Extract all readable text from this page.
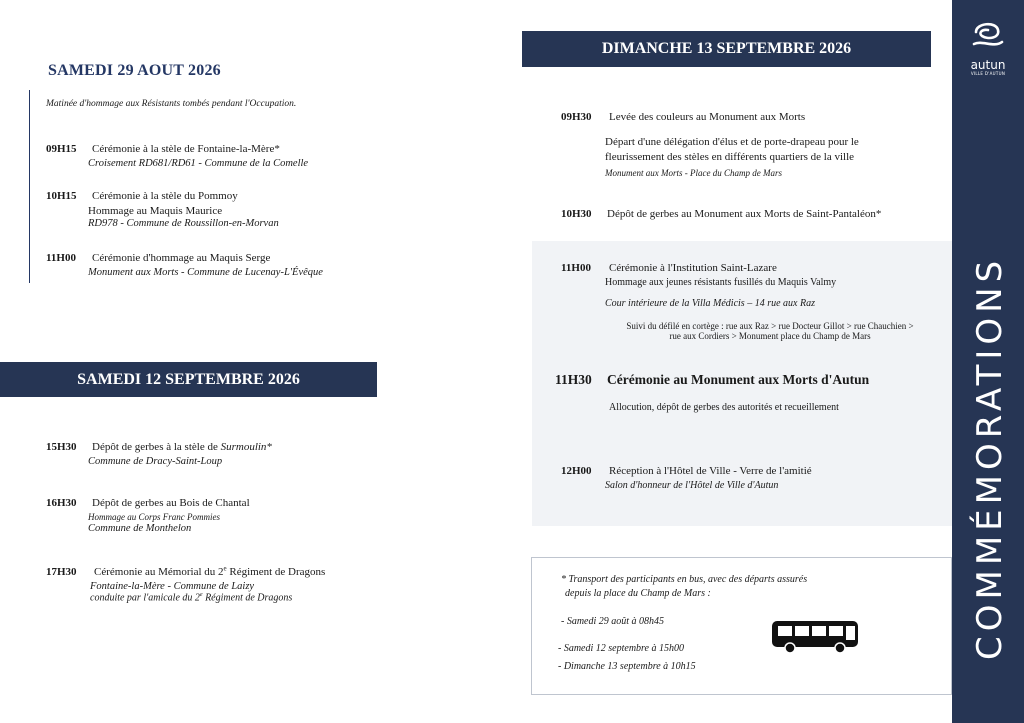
SAMEDI 29 AOUT 2026
Matinée d'hommage aux Résistants tombés pendant l'Occupation.
09H15 Cérémonie à la stèle de Fontaine-la-Mère*
Croisement RD681/RD61 - Commune de la Comelle
10H15 Cérémonie à la stèle du Pommoy
Hommage au Maquis Maurice
RD978 - Commune de Roussillon-en-Morvan
11H00 Cérémonie d'hommage au Maquis Serge
Monument aux Morts - Commune de Lucenay-L'Évêque
SAMEDI 12 SEPTEMBRE 2026
15H30 Dépôt de gerbes à la stèle de Surmoulin*
Commune de Dracy-Saint-Loup
16H30 Dépôt de gerbes au Bois de Chantal
Hommage au Corps Franc Pommies
Commune de Monthelon
17H30 Cérémonie au Mémorial du 2e Régiment de Dragons
Fontaine-la-Mère - Commune de Laizy
conduite par l'amicale du 2e Régiment de Dragons
DIMANCHE 13 SEPTEMBRE 2026
09H30 Levée des couleurs au Monument aux Morts
Départ d'une délégation d'élus et de porte-drapeau pour le
fleurissement des stèles en différents quartiers de la ville
Monument aux Morts - Place du Champ de Mars
10H30 Dépôt de gerbes au Monument aux Morts de Saint-Pantaléon*
11H00 Cérémonie à l'Institution Saint-Lazare
Hommage aux jeunes résistants fusillés du Maquis Valmy
Cour intérieure de la Villa Médicis – 14 rue aux Raz
Suivi du défilé en cortège : rue aux Raz > rue Docteur Gillot > rue Chauchien >
rue aux Cordiers > Monument place du Champ de Mars
11H30 Cérémonie au Monument aux Morts d'Autun
Allocution, dépôt de gerbes des autorités et recueillement
12H00 Réception à l'Hôtel de Ville - Verre de l'amitié
Salon d'honneur de l'Hôtel de Ville d'Autun
* Transport des participants en bus, avec des départs assurés
depuis la place du Champ de Mars :
- Samedi 29 août à 08h45
- Samedi 12 septembre à 15h00
- Dimanche 13 septembre à 10h15
autun
VILLE D'AUTUN
COMMÉMORATIONS
